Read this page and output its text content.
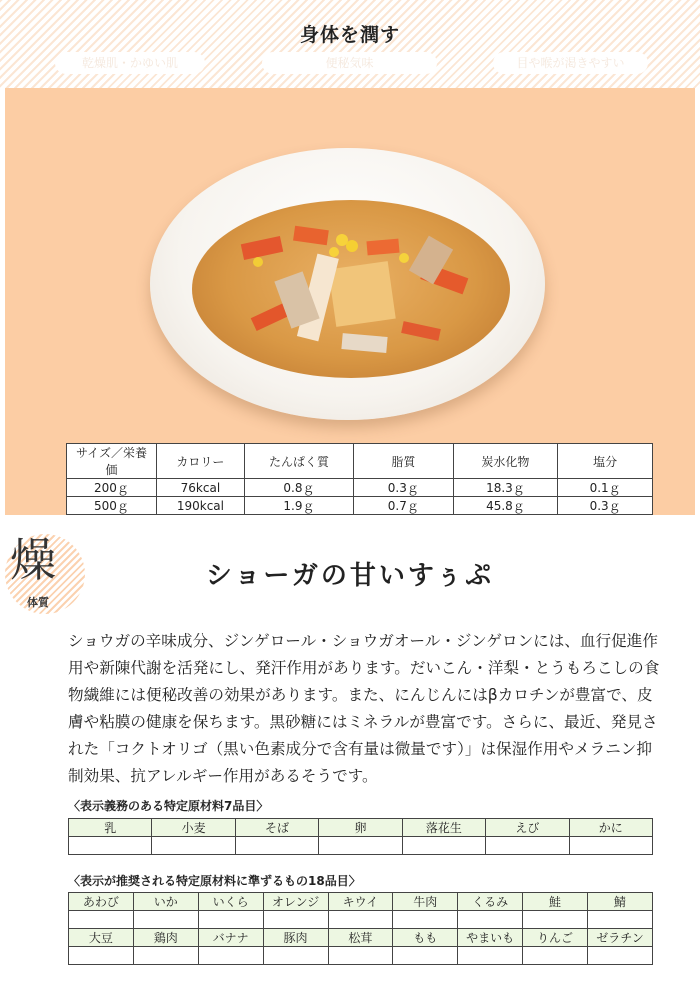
身体を潤す
乾燥肌・かゆい肌	便秘気味	目や喉が渇きやすい
サイズ／栄養価	カロリー	たんぱく質	脂質	炭水化物	塩分
200ｇ	76kcal	0.8ｇ	0.3ｇ	18.3ｇ	0.1ｇ
500ｇ	190kcal	1.9ｇ	0.7ｇ	45.8ｇ	0.3ｇ
燥
体質
ショーガの甘いすぅぷ

ショウガの辛味成分、ジンゲロール・ショウガオール・ジンゲロンには、血行促進作用や新陳代謝を活発にし、発汗作用があります。だいこん・洋梨・とうもろこしの食物繊維には便秘改善の効果があります。また、にんじんにはβカロチンが豊富で、皮膚や粘膜の健康を保ちます。黒砂糖にはミネラルが豊富です。さらに、最近、発見された「コクトオリゴ（黒い色素成分で含有量は微量です）」は保湿作用やメラニン抑制効果、抗アレルギー作用があるそうです。

〈表示義務のある特定原材料7品目〉
乳	小麦	そば	卵	落花生	えび	かに

〈表示が推奨される特定原材料に準ずるもの18品目〉
あわび	いか	いくら	オレンジ	キウイ	牛肉	くるみ	鮭	鯖

大豆	鶏肉	バナナ	豚肉	松茸	もも	やまいも	りんご	ゼラチン
